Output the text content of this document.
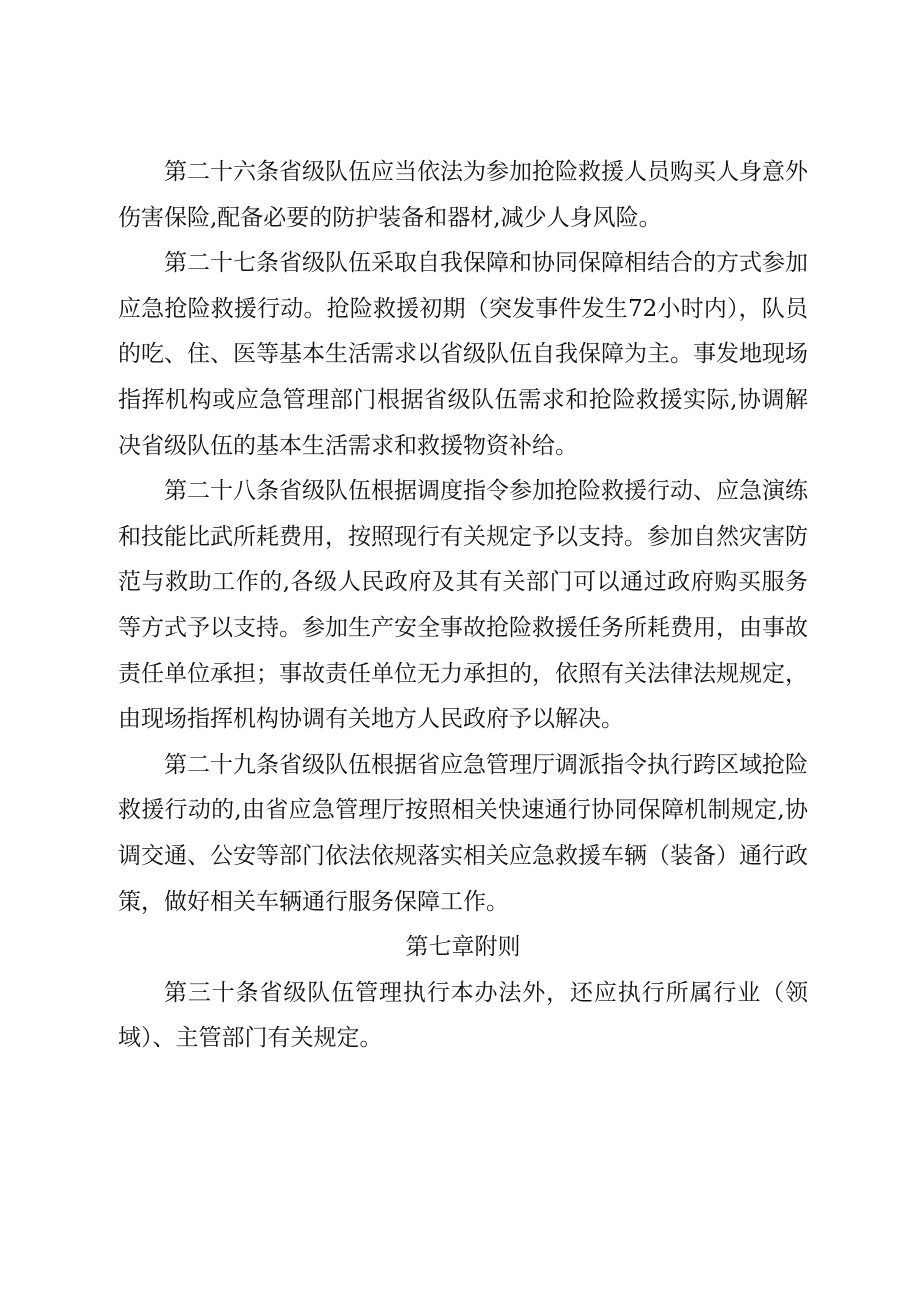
第二十六条省级队伍应当依法为参加抢险救援人员购买人身意外伤害保险,配备必要的防护装备和器材,减少人身风险。

第二十七条省级队伍采取自我保障和协同保障相结合的方式参加应急抢险救援行动。抢险救援初期（突发事件发生72小时内），队员的吃、住、医等基本生活需求以省级队伍自我保障为主。事发地现场指挥机构或应急管理部门根据省级队伍需求和抢险救援实际,协调解决省级队伍的基本生活需求和救援物资补给。

第二十八条省级队伍根据调度指令参加抢险救援行动、应急演练和技能比武所耗费用，按照现行有关规定予以支持。参加自然灾害防范与救助工作的,各级人民政府及其有关部门可以通过政府购买服务等方式予以支持。参加生产安全事故抢险救援任务所耗费用，由事故责任单位承担；事故责任单位无力承担的，依照有关法律法规规定，由现场指挥机构协调有关地方人民政府予以解决。

第二十九条省级队伍根据省应急管理厅调派指令执行跨区域抢险救援行动的,由省应急管理厅按照相关快速通行协同保障机制规定,协调交通、公安等部门依法依规落实相关应急救援车辆（装备）通行政策，做好相关车辆通行服务保障工作。

第七章附则

第三十条省级队伍管理执行本办法外，还应执行所属行业（领域）、主管部门有关规定。
